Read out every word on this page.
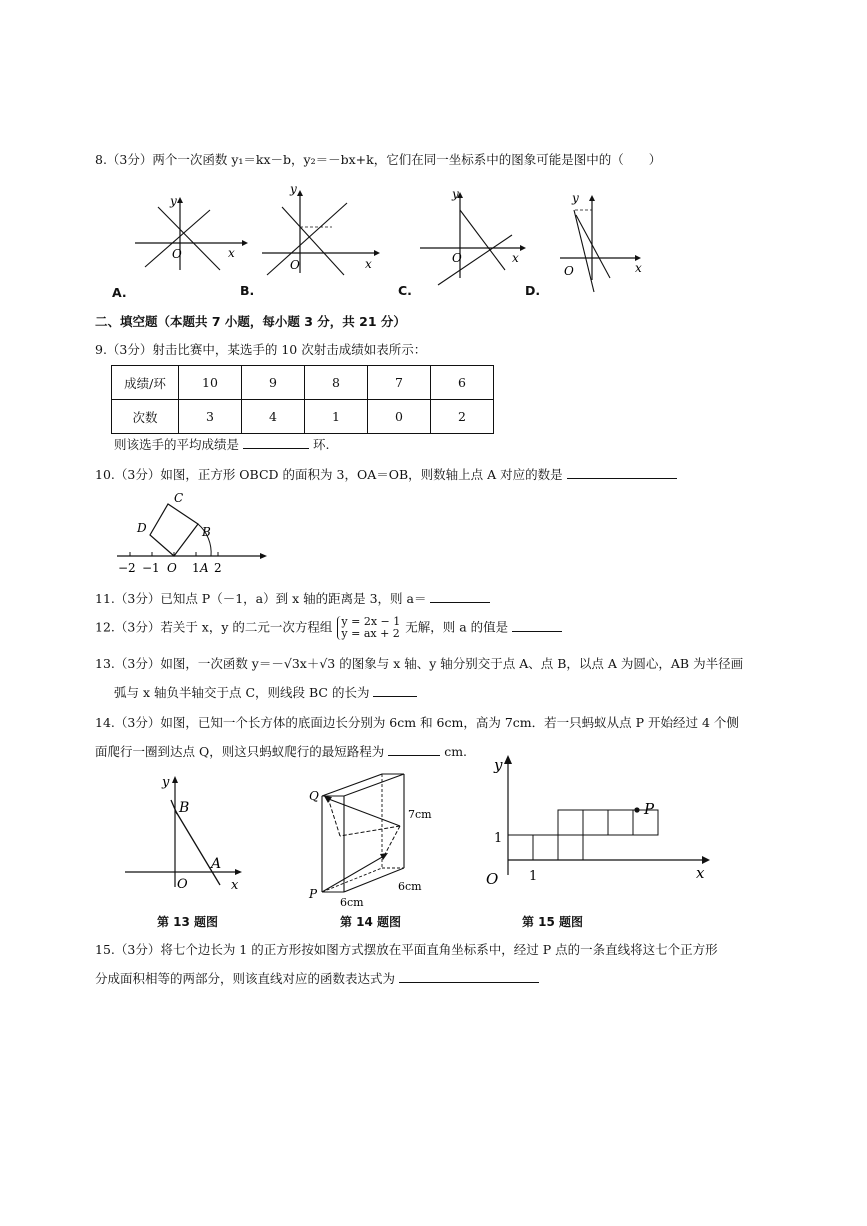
8.（3分）两个一次函数 y₁＝kx－b，y₂＝－bx+k，它们在同一坐标系中的图象可能是图中的（　　）
y
x
O
A.
y
x
O
B.
y
x
O
C.
y
x
O
D.
二、填空题（本题共 7 小题，每小题 3 分，共 21 分）
9.（3分）射击比赛中，某选手的 10 次射击成绩如表所示：
成绩/环	10	9	8	7	6
次数	3	4	1	0	2
则该选手的平均成绩是	环.
10.（3分）如图，正方形 OBCD 的面积为 3，OA＝OB，则数轴上点 A 对应的数是
C
D	B
−2 −1 O 1 A 2
11.（3分）已知点 P（－1，a）到 x 轴的距离是 3，则 a＝
12.（3分）若关于 x，y 的二元一次方程组 y = 2x − 1
y = ax + 2 无解，则 a 的值是
13.（3分）如图，一次函数 y＝－√3x＋√3 的图象与 x 轴、y 轴分别交于点 A、点 B，以点 A 为圆心，AB 为半径画
弧与 x 轴负半轴交于点 C，则线段 BC 的长为
14.（3分）如图，已知一个长方体的底面边长分别为 6cm 和 6cm，高为 7cm．若一只蚂蚁从点 P 开始经过 4 个侧
面爬行一圈到达点 Q，则这只蚂蚁爬行的最短路程为	cm.
y
B
A
O	x
第 13 题图
Q
P
7cm
6cm
6cm
第 14 题图
y
x
O 1
1
P
第 15 题图
15.（3分）将七个边长为 1 的正方形按如图方式摆放在平面直角坐标系中，经过 P 点的一条直线将这七个正方形
分成面积相等的两部分，则该直线对应的函数表达式为
